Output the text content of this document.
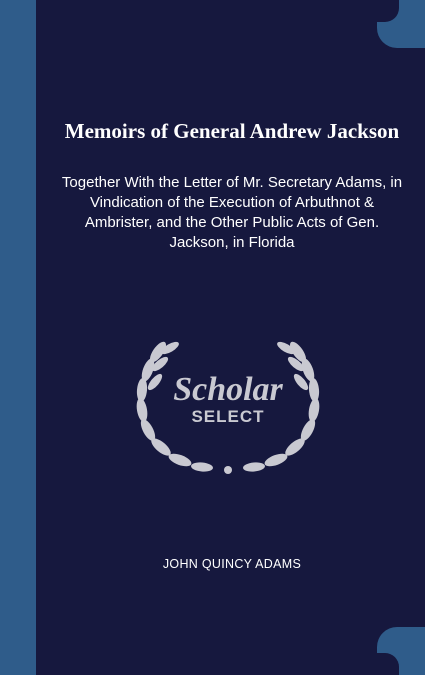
Memoirs of General Andrew Jackson
Together With the Letter of Mr. Secretary Adams, in Vindication of the Execution of Arbuthnot & Ambrister, and the Other Public Acts of Gen. Jackson, in Florida
Scholar
SELECT
JOHN QUINCY ADAMS
